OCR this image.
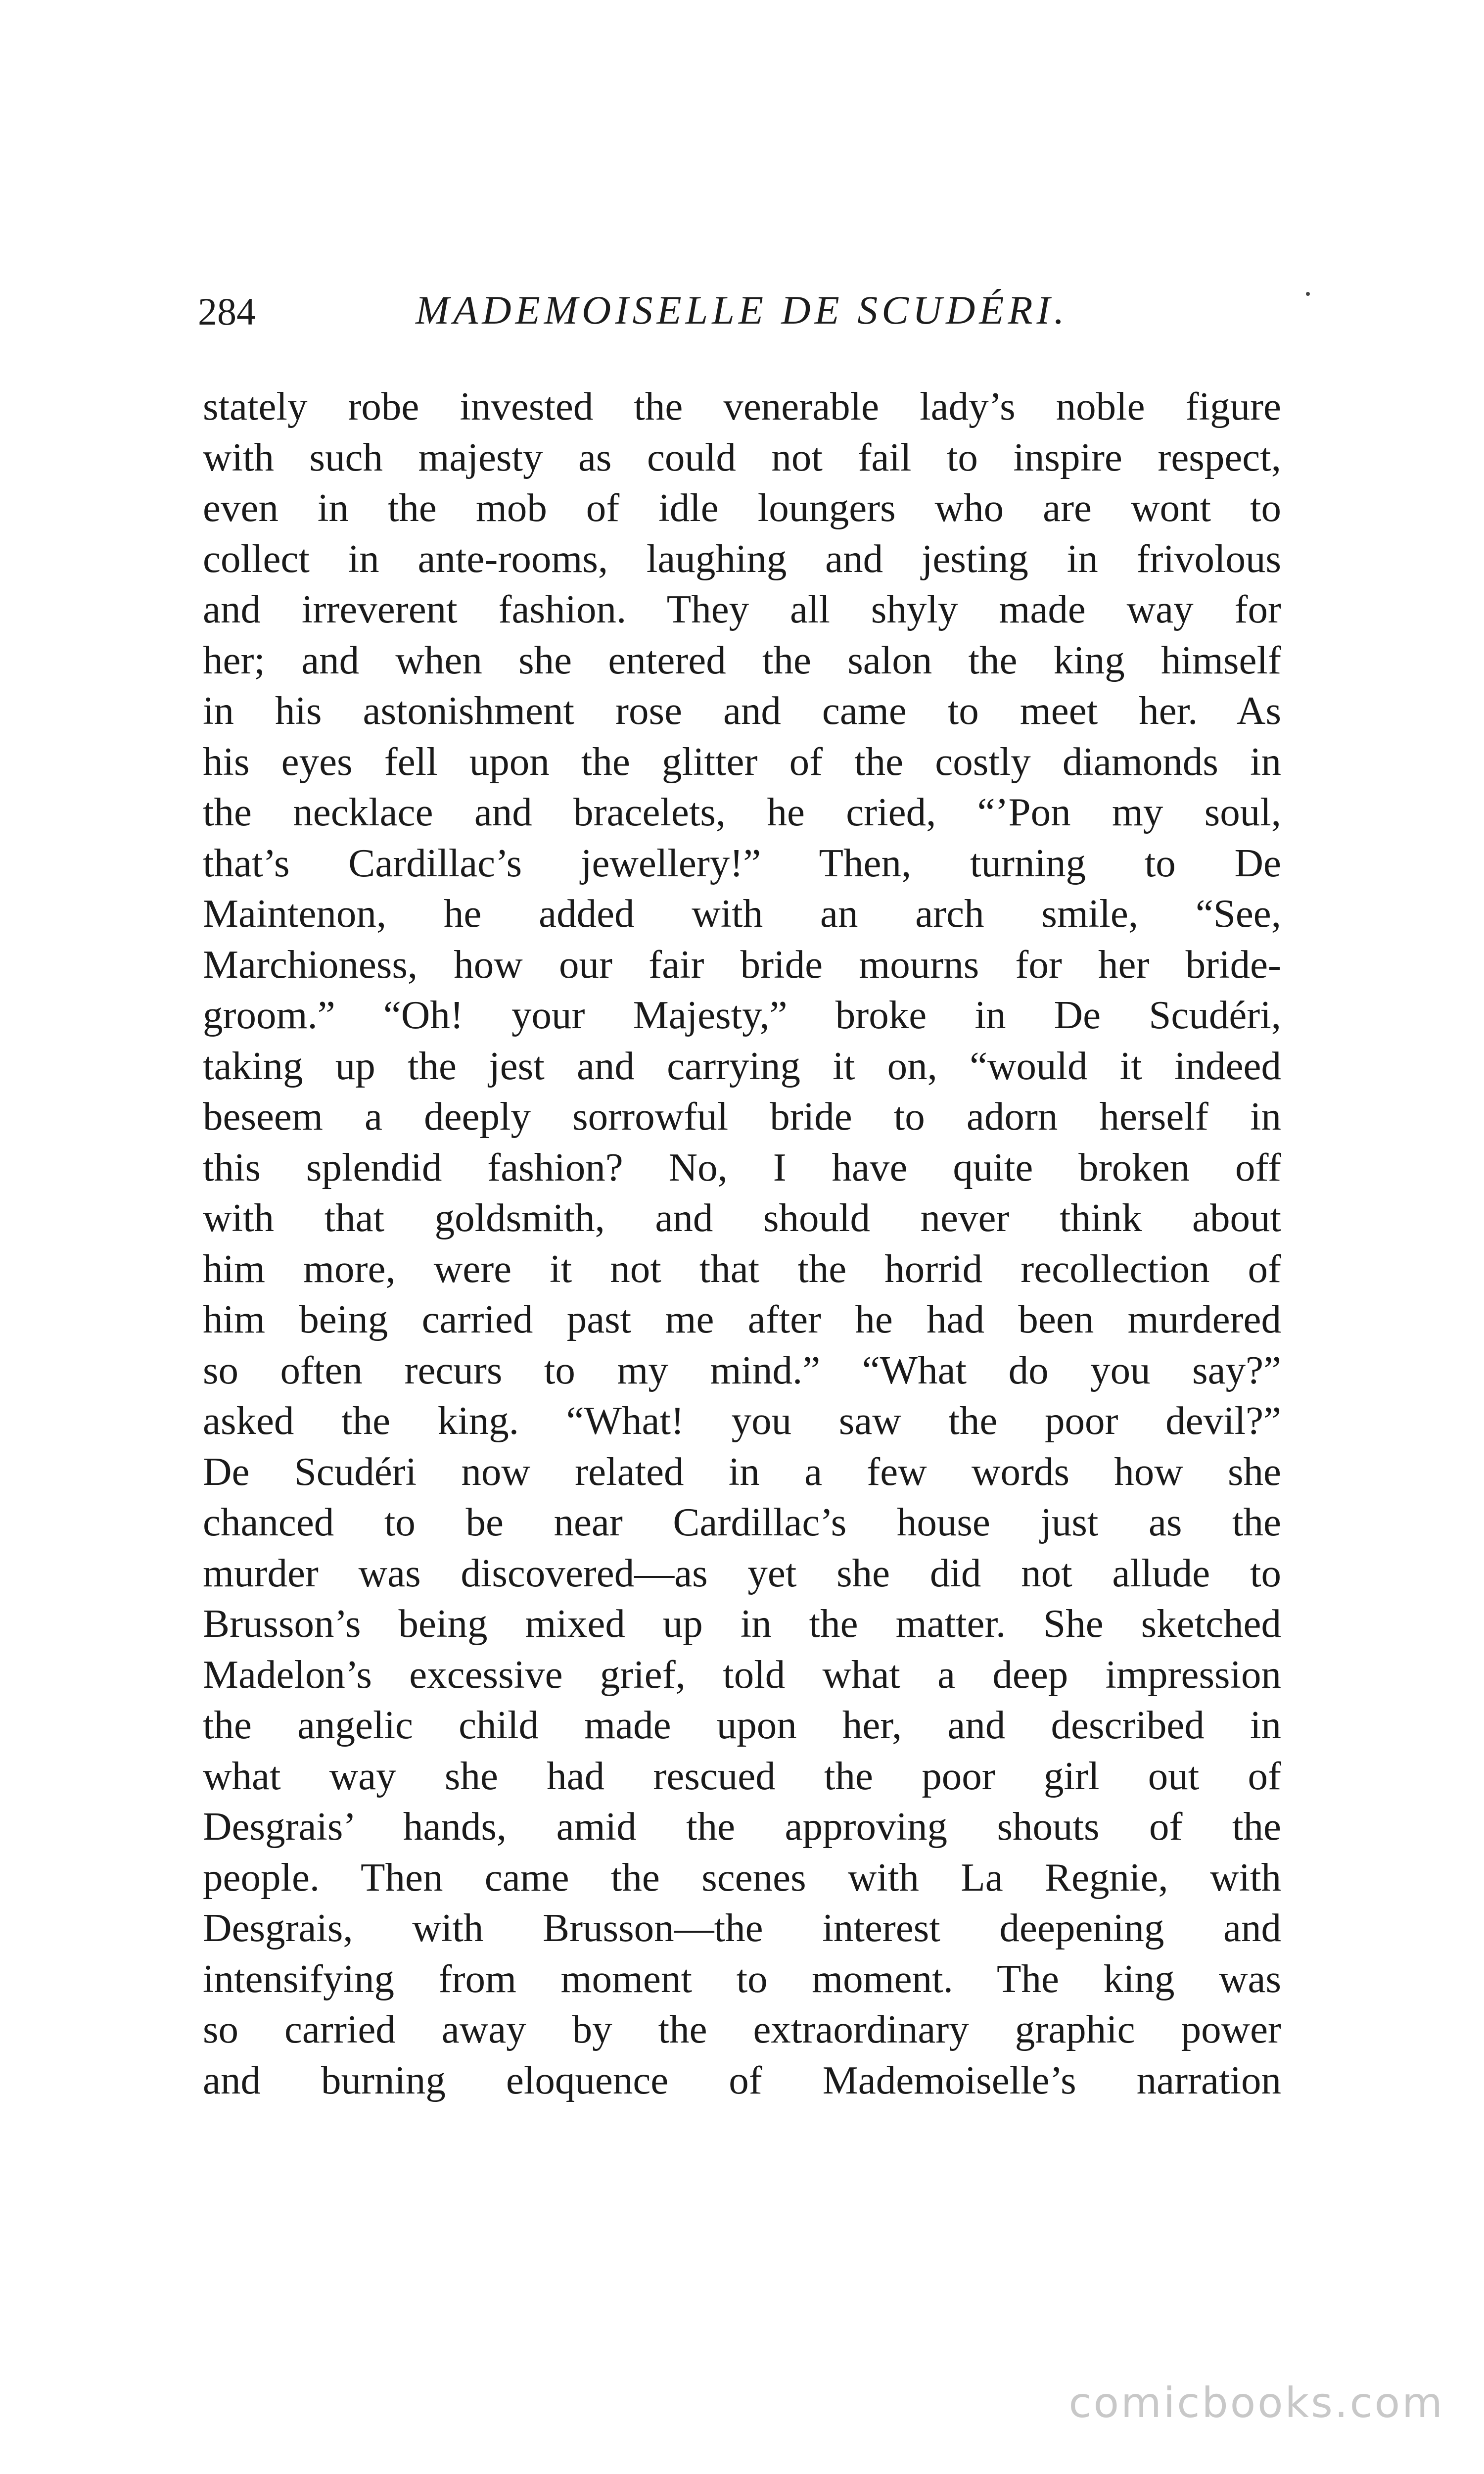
284	MADEMOISELLE DE SCUDÉRI.
stately robe invested the venerable lady’s noble figure
with such majesty as could not fail to inspire respect,
even in the mob of idle loungers who are wont to
collect in ante-rooms, laughing and jesting in frivolous
and irreverent fashion. They all shyly made way for
her; and when she entered the salon the king himself
in his astonishment rose and came to meet her. As
his eyes fell upon the glitter of the costly diamonds in
the necklace and bracelets, he cried, “’Pon my soul,
that’s Cardillac’s jewellery!” Then, turning to De
Maintenon, he added with an arch smile, “See,
Marchioness, how our fair bride mourns for her bride-
groom.” “Oh! your Majesty,” broke in De Scudéri,
taking up the jest and carrying it on, “would it indeed
beseem a deeply sorrowful bride to adorn herself in
this splendid fashion? No, I have quite broken off
with that goldsmith, and should never think about
him more, were it not that the horrid recollection of
him being carried past me after he had been murdered
so often recurs to my mind.” “What do you say?”
asked the king. “What! you saw the poor devil?”
De Scudéri now related in a few words how she
chanced to be near Cardillac’s house just as the
murder was discovered—as yet she did not allude to
Brusson’s being mixed up in the matter. She sketched
Madelon’s excessive grief, told what a deep impression
the angelic child made upon her, and described in
what way she had rescued the poor girl out of
Desgrais’ hands, amid the approving shouts of the
people. Then came the scenes with La Regnie, with
Desgrais, with Brusson—the interest deepening and
intensifying from moment to moment. The king was
so carried away by the extraordinary graphic power
and burning eloquence of Mademoiselle’s narration
comicbooks.com
